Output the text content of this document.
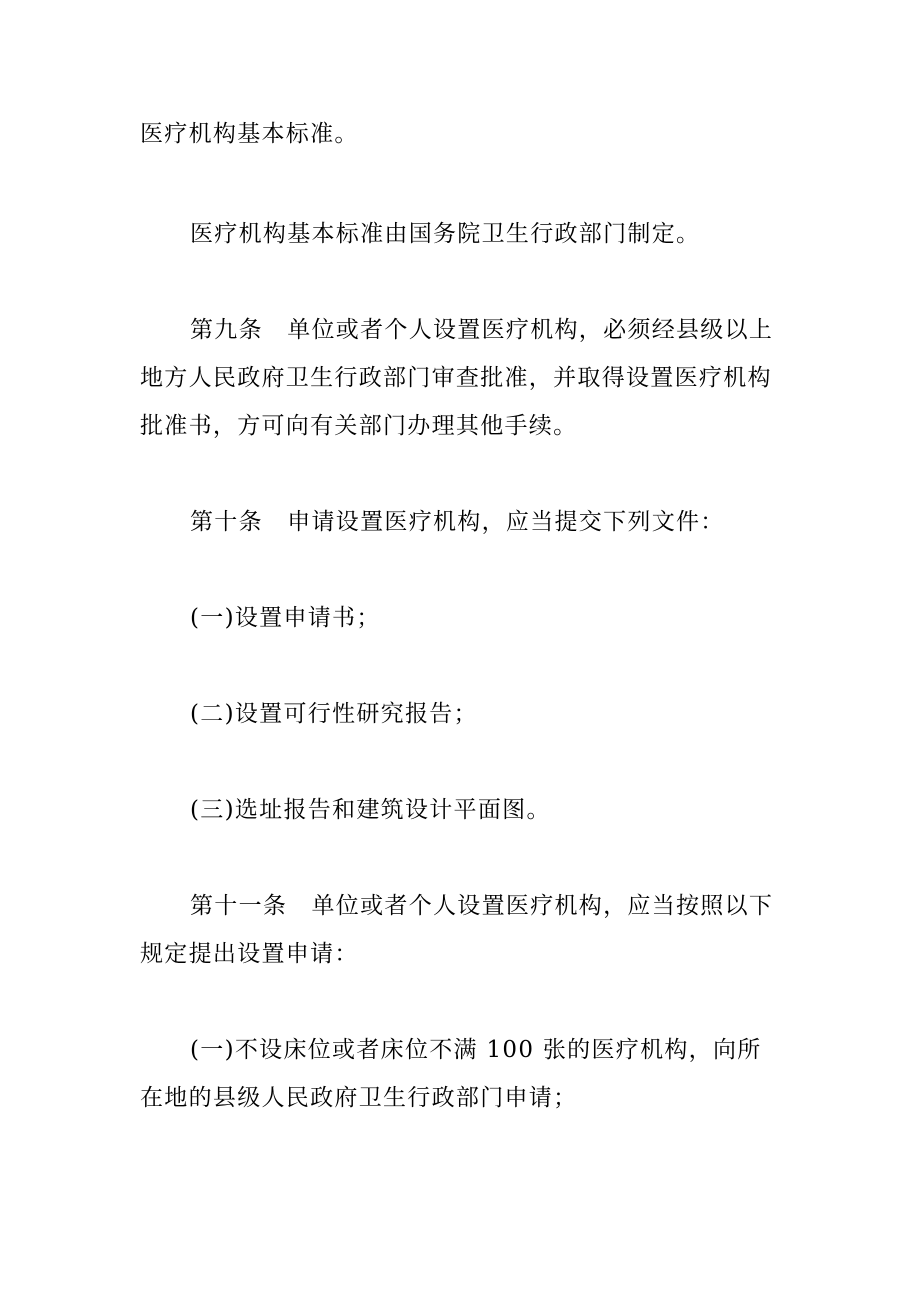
医疗机构基本标准。

医疗机构基本标准由国务院卫生行政部门制定。

第九条　单位或者个人设置医疗机构，必须经县级以上地方人民政府卫生行政部门审查批准，并取得设置医疗机构批准书，方可向有关部门办理其他手续。

第十条　申请设置医疗机构，应当提交下列文件：

(一)设置申请书；

(二)设置可行性研究报告；

(三)选址报告和建筑设计平面图。

第十一条　单位或者个人设置医疗机构，应当按照以下规定提出设置申请：

(一)不设床位或者床位不满 100 张的医疗机构，向所在地的县级人民政府卫生行政部门申请；
